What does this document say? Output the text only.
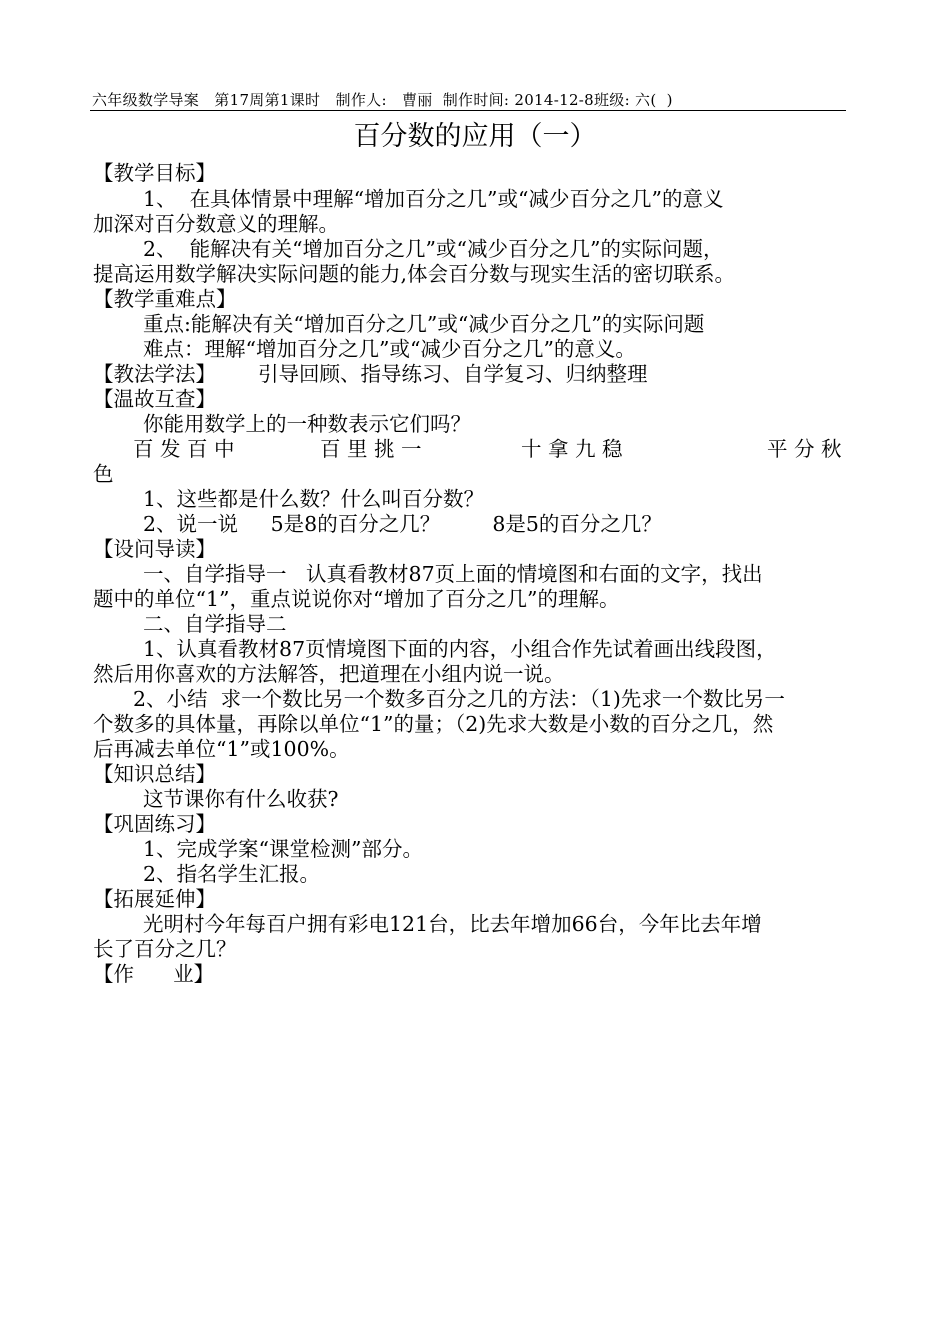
六年级数学导案   第17周第1课时   制作人:   曹丽  制作时间: 2014-12-8班级: 六(  )
百分数的应用（一）
【教学目标】
1、  在具体情景中理解“增加百分之几”或“减少百分之几”的意义
加深对百分数意义的理解。
2、  能解决有关“增加百分之几”或“减少百分之几”的实际问题，
提高运用数学解决实际问题的能力,体会百分数与现实生活的密切联系。
【教学重难点】
重点:能解决有关“增加百分之几”或“减少百分之几”的实际问题
难点：理解“增加百分之几”或“减少百分之几”的意义。
【教法学法】 引导回顾、指导练习、自学复习、归纳整理
【温故互查】
你能用数学上的一种数表示它们吗？
百 发 百 中	百 里 挑 一	十 拿 九 稳	平 分 秋
色
1、这些都是什么数？什么叫百分数？
2、说一说     5是8的百分之几？        8是5的百分之几？
【设问导读】
一、自学指导一   认真看教材87页上面的情境图和右面的文字，找出
题中的单位“1”，重点说说你对“增加了百分之几”的理解。
二、自学指导二
1、认真看教材87页情境图下面的内容，小组合作先试着画出线段图，
然后用你喜欢的方法解答，把道理在小组内说一说。
2、小结  求一个数比另一个数多百分之几的方法：（1)先求一个数比另一
个数多的具体量，再除以单位“1”的量；（2)先求大数是小数的百分之几，然
后再减去单位“1”或100%。
【知识总结】
这节课你有什么收获?
【巩固练习】
1、完成学案“课堂检测”部分。
2、指名学生汇报。
【拓展延伸】
光明村今年每百户拥有彩电121台，比去年增加66台，今年比去年增
长了百分之几？
【作      业】
